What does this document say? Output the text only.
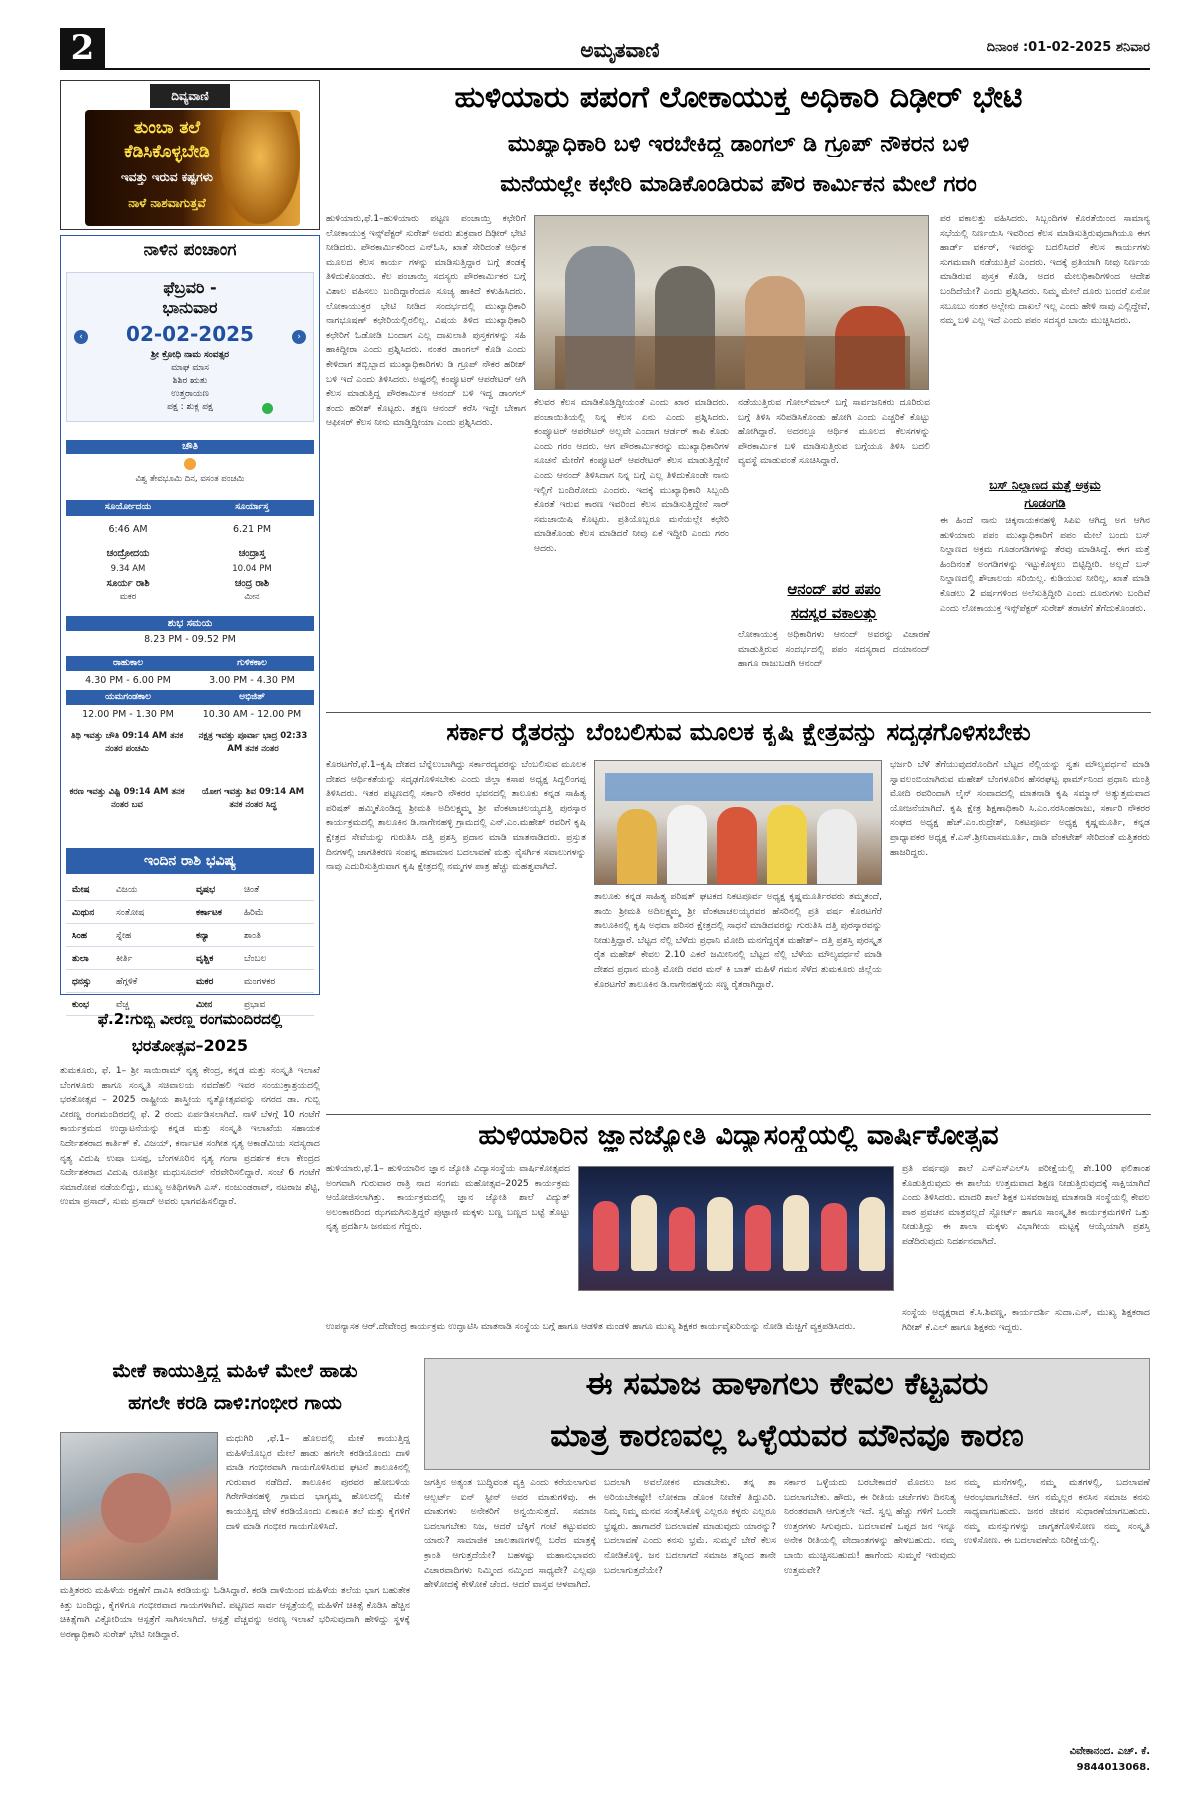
2	ಅಮೃತವಾಣಿ	ದಿನಾಂಕ :01-02-2025 ಶನಿವಾರ
ದಿವ್ಯವಾಣಿ
ತುಂಬಾ ತಲೆ
ಕೆಡಿಸಿಕೊಳ್ಳಬೇಡಿ
ಇವತ್ತು ಇರುವ ಕಷ್ಟಗಳು
ನಾಳೆ ನಾಶವಾಗುತ್ತವೆ
ನಾಳಿನ ಪಂಚಾಂಗ
‹	›
ಫೆಬ್ರವರಿ -
ಭಾನುವಾರ
02-02-2025
ಶ್ರೀ ಕ್ರೋಧಿ ನಾಮ ಸಂವತ್ಸರ
ಮಾಘ ಮಾಸ
ಶಿಶಿರ ಋತು
ಉತ್ತರಾಯಣ
ಪಕ್ಷ : ಶುಕ್ಲ ಪಕ್ಷ
ಚೌತಿ
ವಿಶ್ವ ತೇವಭೂಮಿ ದಿನ, ವಸಂತ ಪಂಚಮಿ
ಸೂರ್ಯೋದಯ	ಸೂರ್ಯಾಸ್ತ
6:46 AM	6.21 PM
ಚಂದ್ರೋದಯ	ಚಂದ್ರಾಸ್ತ
9.34 AM	10.04 PM
ಸೂರ್ಯ ರಾಶಿ	ಚಂದ್ರ ರಾಶಿ
ಮಕರ	ಮೀನ
ಶುಭ ಸಮಯ
8.23 PM - 09.52 PM
ರಾಹುಕಾಲ	ಗುಳಿಕಕಾಲ
4.30 PM - 6.00 PM	3.00 PM - 4.30 PM
ಯಮಗಂಡಕಾಲ	ಅಭಿಜಿತ್
12.00 PM - 1.30 PM	10.30 AM - 12.00 PM
ತಿಥಿ ಇವತ್ತು ಚೌತಿ 09:14 AM ತನಕ ನಂತರ ಪಂಚಮಿ
ನಕ್ಷತ್ರ ಇವತ್ತು ಪೂರ್ವಾ ಭಾದ್ರ 02:33 AM ತನಕ ನಂತರ
ಕರಣ ಇವತ್ತು ವಿಷ್ಟಿ 09:14 AM ತನಕ ನಂತರ ಬವ
ಯೋಗ ಇವತ್ತು ಶಿವ 09:14 AM ತನಕ ನಂತರ ಸಿದ್ಧ
ಇಂದಿನ ರಾಶಿ ಭವಿಷ್ಯ
ಮೇಷ	ವಿಜಯ	ವೃಷಭ	ಚಿಂತೆ
ಮಿಥುನ ಸಂತೋಷ	ಕರ್ಕಾಟಕ ಹಿರಿಮೆ
ಸಿಂಹ	ಸ್ನೇಹ	ಕನ್ಯಾ	ಶಾಂತಿ
ತುಲಾ	ಕೀರ್ತಿ	ವೃಶ್ಚಿಕ	ಬೆಂಬಲ
ಧನಸ್ಸು	ಹೆಗ್ಗಳಿಕೆ	ಮಕರ	ಮಂಗಳಕರ
ಕುಂಭ	ವೆಚ್ಚ	ಮೀನ	ಪ್ರಭಾವ
ಫೆ.2:ಗುಬ್ಬಿ ವೀರಣ್ಣ ರಂಗಮಂದಿರದಲ್ಲಿ
ಭರತೋತ್ಸವ–2025
ತುಮಕೂರು, ಫೆ. 1– ಶ್ರೀ ಸಾಯಿರಾಮ್ ನೃತ್ಯ ಕೇಂದ್ರ, ಕನ್ನಡ ಮತ್ತು ಸಂಸ್ಕೃತಿ ಇಲಾಖೆ ಬೆಂಗಳೂರು ಹಾಗೂ ಸಂಸ್ಕೃತಿ ಸಚಿವಾಲಯ ನವದೆಹಲಿ ಇವರ ಸಂಯುಕ್ತಾಶ್ರಯದಲ್ಲಿ ಭರತೋತ್ಸವ – 2025 ರಾಷ್ಟ್ರೀಯ ಶಾಸ್ತ್ರೀಯ ನೃತ್ಯೋತ್ಸವವನ್ನು ನಗರದ ಡಾ. ಗುಬ್ಬಿ ವೀರಣ್ಣ ರಂಗಮಂದಿರದಲ್ಲಿ ಫೆ. 2 ರಂದು ಏರ್ಪಡಿಸಲಾಗಿದೆ. ನಾಳೆ ಬೆಳಗ್ಗೆ 10 ಗಂಟೆಗೆ ಕಾರ್ಯಕ್ರಮದ ಉದ್ಘಾಟನೆಯನ್ನು ಕನ್ನಡ ಮತ್ತು ಸಂಸ್ಕೃತಿ ಇಲಾಖೆಯ ಸಹಾಯಕ ನಿರ್ದೇಶಕರಾದ ಕಾರ್ತಿಕ್ ಕೆ. ವಿಜಯ್, ಕರ್ನಾಟಕ ಸಂಗೀತ ನೃತ್ಯ ಅಕಾಡೆಮಿಯ ಸದಸ್ಯರಾದ ನೃತ್ಯ ವಿದುಷಿ ಉಷಾ ಬಸಪ್ಪ, ಬೆಂಗಳೂರಿನ ನೃತ್ಯ ಗಂಗಾ ಪ್ರದರ್ಶಕ ಕಲಾ ಕೇಂದ್ರದ ನಿರ್ದೇಶಕರಾದ ವಿದುಷಿ ರೂಪಶ್ರೀ ಮಧುಸೂದನ್ ನೆರವೇರಿಸಲಿದ್ದಾರೆ. ಸಂಜೆ 6 ಗಂಟೆಗೆ ಸಮಾರೋಪ ನಡೆಯಲಿದ್ದು, ಮುಖ್ಯ ಅತಿಥಿಗಳಾಗಿ ಎಸ್. ನಂಜುಂಡರಾವ್, ನಟರಾಜ ಶೆಟ್ಟಿ, ಉಮಾ ಪ್ರಸಾದ್, ಸುಮ ಪ್ರಸಾದ್ ಅವರು ಭಾಗವಹಿಸಲಿದ್ದಾರೆ.
ಹುಳಿಯಾರು ಪಪಂಗೆ ಲೋಕಾಯುಕ್ತ ಅಧಿಕಾರಿ ದಿಢೀರ್ ಭೇಟಿ
ಮುಖ್ಯಾಧಿಕಾರಿ ಬಳಿ ಇರಬೇಕಿದ್ದ ಡಾಂಗಲ್ ಡಿ ಗ್ರೂಪ್ ನೌಕರನ ಬಳಿ
ಮನೆಯಲ್ಲೇ ಕಛೇರಿ ಮಾಡಿಕೊಂಡಿರುವ ಪೌರ ಕಾರ್ಮಿಕನ ಮೇಲೆ ಗರಂ
ಹುಳಿಯಾರು,ಫೆ.1–ಹುಳಿಯಾರು ಪಟ್ಟಣ ಪಂಚಾಯ್ತಿ ಕಛೇರಿಗೆ ಲೋಕಾಯುಕ್ತ ಇನ್ಸ್‌ಪೆಕ್ಟರ್ ಸುರೇಶ್ ಅವರು ಶುಕ್ರವಾರ ದಿಢೀರ್ ಭೇಟಿ ನೀಡಿದರು. ಪೌರಕಾರ್ಮಿಕರಿಂದ ಎನ್‌ಓಸಿ, ಖಾತೆ ಸೇರಿದಂತೆ ಆರ್ಥಿಕ ಮೂಲದ ಕೆಲಸ ಕಾರ್ಯ ಗಳನ್ನು ಮಾಡಿಸುತ್ತಿದ್ದಾರ ಬಗ್ಗೆ ತಂಡಕ್ಕೆ ತಿಳಿದುಕೊಂಡರು. ಕೆಲ ಪಂಚಾಯ್ತಿ ಸದಸ್ಯರು ಪೌರಕಾರ್ಮಿಕರ ಬಗ್ಗೆ ವಿಶಾಲ ವಹಿಸಲು ಬಂದಿದ್ದಾರೆಂದೂ ಸೂಚ್ಯ ಹಾಕಿದೆ ಕಳುಹಿಸಿದರು. ಲೋಕಾಯುಕ್ತರ ಭೇಟಿ ನೀಡಿದ ಸಂದರ್ಭದಲ್ಲಿ ಮುಖ್ಯಾಧಿಕಾರಿ ನಾಗಭೂಷಣ್ ಕಛೇರಿಯಲ್ಲಿರಲಿಲ್ಲ. ವಿಷಯ ತಿಳಿದ ಮುಖ್ಯಾಧಿಕಾರಿ ಕಛೇರಿಗೆ ಓಡೋಡಿ ಬಂದಾಗ ಎಲ್ಲ ದಾಖಲಾತಿ ಪುಸ್ತಕಗಳನ್ನು ಸಹಿ ಹಾಕಿದ್ದೀರಾ ಎಂದು ಪ್ರಶ್ನಿಸಿದರು. ನಂತರ ಡಾಂಗಲ್ ಕೊಡಿ ಎಂದು ಕೇಳಿದಾಗ ತಬ್ಬಿಬ್ಬಾದ ಮುಖ್ಯಾಧಿಕಾರಿಗಳು ಡಿ ಗ್ರೂಪ್ ನೌಕರ ಹರೀಶ್ ಬಳಿ ಇದೆ ಎಂದು ತಿಳಿಸಿದರು. ಅಷ್ಟರಲ್ಲಿ ಕಂಪ್ಯೂಟರ್ ಆಪರೇಟರ್ ಆಗಿ ಕೆಲಸ ಮಾಡುತ್ತಿದ್ದ ಪೌರಕಾರ್ಮಿಕ ಆನಂದ್ ಬಳಿ ಇದ್ದ ಡಾಂಗಲ್ ತಂದು ಹರೀಶ್ ಕೊಟ್ಟರು. ತಕ್ಷಣ ಆನಂದ್ ಕರೆಸಿ ಇದ್ದೇ ಬೇಕಾಗ ಆಫೀಸರ್ ಕೆಲಸ ನೀನು ಮಾಡ್ತಿದ್ದೀಯಾ ಎಂದು ಪ್ರಶ್ನಿಸಿದರು.
ಕೆಲವರ ಕೆಲಸ ಮಾಡಿಕೊಡ್ತಿದ್ದೀಯಂತೆ ಎಂದು ಖಾರ ಮಾಡಿದರು. ಪಂಚಾಯಿತಿಯಲ್ಲಿ ನಿನ್ನ ಕೆಲಸ ಏನು ಎಂದು ಪ್ರಶ್ನಿಸಿದರು. ಕಂಪ್ಯೂಟರ್ ಆಪರೇಟರ್ ಅಲ್ಲವೇ ಎಂದಾಗ ಆರ್ಡರ್ ಕಾಪಿ ಕೊಡು ಎಂದು ಗರಂ ಆದರು. ಆಗ ಪೌರಕಾರ್ಮಿಕರನ್ನು ಮುಖ್ಯಾಧಿಕಾರಿಗಳ ಸೂಚನೆ ಮೇರೆಗೆ ಕಂಪ್ಯೂಟರ್ ಆಪರೇಟರ್ ಕೆಲಸ ಮಾಡುತ್ತಿದ್ದೇನೆ ಎಂದು ಆನಂದ್ ತಿಳಿಸಿದಾಗ ನಿನ್ನ ಬಗ್ಗೆ ಎಲ್ಲ ತಿಳಿದುಕೊಂಡೇ ನಾನು ಇಲ್ಲಿಗೆ ಬಂದಿರೋದು ಎಂದರು. ಇದಕ್ಕೆ ಮುಖ್ಯಾಧಿಕಾರಿ ಸಿಬ್ಬಂದಿ ಕೊರತೆ ಇರುವ ಕಾರಣ ಇವರಿಂದ ಕೆಲಸ ಮಾಡಿಸುತ್ತಿದ್ದೇನೆ ಸಾರ್ ಸಮಜಾಯಿಷಿ ಕೊಟ್ಟರು. ಪ್ರತಿಯೊಬ್ಬರೂ ಮನೆಯಲ್ಲೇ ಕಛೇರಿ ಮಾಡಿಕೊಂಡು ಕೆಲಸ ಮಾಡಿದರೆ ನೀವು ಏಕೆ ಇದ್ದೀರಿ ಎಂದು ಗರಂ ಆದರು.
ನಡೆಯುತ್ತಿರುವ ಗೋಲ್‌ಮಾಲ್ ಬಗ್ಗೆ ಸಾರ್ವಜನಿಕರು ದೂರಿರುವ ಬಗ್ಗೆ ತಿಳಿಸಿ ಸರಿಪಡಿಸಿಕೊಂಡು ಹೋಗಿ ಎಂದು ಎಚ್ಚರಿಕೆ ಕೊಟ್ಟು ಹೋಗಿದ್ದಾರೆ. ಅದರಲ್ಲೂ ಆರ್ಥಿಕ ಮೂಲದ ಕೆಲಸಗಳನ್ನು ಪೌರಕಾರ್ಮಿಕ ಬಳಿ ಮಾಡಿಸುತ್ತಿರುವ ಬಗ್ಗೆಯೂ ತಿಳಿಸಿ ಬದಲಿ ವ್ಯವಸ್ಥೆ ಮಾಡುವಂತೆ ಸೂಚಿಸಿದ್ದಾರೆ.
ಆನಂದ್ ಪರ ಪಪಂ
ಸದಸ್ಯರ ವಕಾಲತ್ತು
ಲೋಕಾಯುಕ್ತ ಅಧಿಕಾರಿಗಳು ಆನಂದ್ ಅವರನ್ನು ವಿಚಾರಣೆ ಮಾಡುತ್ತಿರುವ ಸಂದರ್ಭದಲ್ಲಿ ಪಪಂ ಸದಸ್ಯರಾದ ದಯಾನಂದ್ ಹಾಗೂ ರಾಜುಬಡಗಿ ಆನಂದ್
ಪರ ವಕಾಲತ್ತು ವಹಿಸಿದರು. ಸಿಬ್ಬಂದಿಗಳ ಕೊರತೆಯಿಂದ ಸಾಮಾನ್ಯ ಸಭೆಯಲ್ಲಿ ನಿರ್ಣಯಿಸಿ ಇವರಿಂದ ಕೆಲಸ ಮಾಡಿಸುತ್ತಿರುವುದಾಗಿಯೂ ಈಗ ಹಾರ್ಡ್ ವರ್ಕರ್, ಇವರನ್ನು ಬದಲಿಸಿದರೆ ಕೆಲಸ ಕಾರ್ಯಗಳು ಸುಗಮವಾಗಿ ನಡೆಯುತ್ತಿವೆ ಎಂದರು. ಇದಕ್ಕೆ ಪ್ರತಿಯಾಗಿ ನೀವು ನಿರ್ಣಯ ಮಾಡಿರುವ ಪುಸ್ತಕ ಕೊಡಿ, ಅದರ ಮೇಲಧಿಕಾರಿಗಳಿಂದ ಆದೇಶ ಬಂದಿದೆಯೇ? ಎಂದು ಪ್ರಶ್ನಿಸಿದರು. ನಿಮ್ಮ ಮೇಲೆ ದೂರು ಬಂದರೆ ಏನೋ ಸಬೂಬು ನಂತರ ಅಲ್ಲೇನು ದಾಖಲೆ ಇಲ್ಲ ಎಂದು ಹೇಳಿ ನಾವು ಎಲ್ಲಿದ್ದೇವೆ, ನಮ್ಮ ಬಳಿ ಎಲ್ಲ ಇದೆ ಎಂದು ಪಪಂ ಸದಸ್ಯರ ಬಾಯಿ ಮುಚ್ಚಿಸಿದರು.
ಬಸ್ ನಿಲ್ದಾಣದ ಮತ್ತೆ ಅಕ್ರಮ
ಗೂಡಂಗಡಿ
ಈ ಹಿಂದೆ ನಾನು ಚಿಕ್ಕನಾಯಕನಹಳ್ಳಿ ಸಿಪಿಐ ಆಗಿದ್ದ ಅಗ ಆಗಿನ ಹುಳಿಯಾರು ಪಪಂ ಮುಖ್ಯಾಧಿಕಾರಿಗೆ ಪಪಂ ಮೇಲೆ ಬಂದು ಬಸ್ ನಿಲ್ದಾಣದ ಅಕ್ರಮ ಗೂಡಂಗಡಿಗಳನ್ನು ತೆರವು ಮಾಡಿಸಿದ್ದೆ. ಈಗ ಮತ್ತೆ ಹಿಂದಿನಂತೆ ಅಂಗಡಿಗಳನ್ನು ಇಟ್ಟುಕೊಳ್ಳಲು ಬಿಟ್ಟಿದ್ದೀರಿ. ಅಲ್ಲದೆ ಬಸ್ ನಿಲ್ದಾಣದಲ್ಲಿ ಶೌಚಾಲಯ ಸರಿಯಿಲ್ಲ. ಕುಡಿಯುವ ನೀರಿಲ್ಲ, ಖಾತೆ ಮಾಡಿ ಕೊಡಲು 2 ವರ್ಷಗಳಿಂದ ಅಲೆಸುತ್ತಿದ್ದೀರಿ ಎಂದು ದೂರುಗಳು ಬಂದಿವೆ ಎಂದು ಲೋಕಾಯುಕ್ತ ಇನ್ಸ್‌ಪೆಕ್ಟರ್ ಸುರೇಶ್ ತರಾಟೆಗೆ ತೆಗೆದುಕೊಂಡರು.
ಸರ್ಕಾರ ರೈತರನ್ನು ಬೆಂಬಲಿಸುವ ಮೂಲಕ ಕೃಷಿ ಕ್ಷೇತ್ರವನ್ನು ಸದೃಢಗೊಳಿಸಬೇಕು
ಕೊರಟಗೆರೆ,ಫೆ.1–ಕೃಷಿ ದೇಶದ ಬೆನ್ನೆಲುಬಾಗಿದ್ದು ಸರ್ಕಾರದ್ಯವರನ್ನು ಬೆಂಬಲಿಸುವ ಮೂಲಕ ದೇಶದ ಆರ್ಥಿಕತೆಯನ್ನು ಸದೃಢಗೊಳಿಸಬೇಕು ಎಂದು ಜಿಲ್ಲಾ ಕಸಾಪ ಅಧ್ಯಕ್ಷ ಸಿದ್ದಲಿಂಗಪ್ಪ ತಿಳಿಸಿದರು. ಇತರ ಪಟ್ಟಣದಲ್ಲಿ ಸರ್ಕಾರಿ ನೌಕರರ ಭವನದಲ್ಲಿ ತಾಲೂಕು ಕನ್ನಡ ಸಾಹಿತ್ಯ ಪರಿಷತ್ ಹಮ್ಮಿಕೊಂಡಿದ್ದ ಶ್ರೀಮತಿ ಅದಿಲಕ್ಷ್ಮಮ್ಮ ಶ್ರೀ ವೆಂಕಟಾಚಲಯ್ಯದತ್ತಿ ಪುರಸ್ಕಾರ ಕಾರ್ಯಕ್ರಮದಲ್ಲಿ ತಾಲೂಕಿನ ಡಿ.ನಾಗೇನಹಳ್ಳಿ ಗ್ರಾಮದಲ್ಲಿ ಎನ್.ಎಂ.ಮಹೇಶ್ ರವರಿಗೆ ಕೃಷಿ ಕ್ಷೇತ್ರದ ಸೇವೆಯನ್ನು ಗುರುತಿಸಿ ದತ್ತಿ ಪ್ರಶಸ್ತಿ ಪ್ರದಾನ ಮಾಡಿ ಮಾತನಾಡಿದರು. ಪ್ರಸ್ತುತ ದಿನಗಳಲ್ಲಿ ಜಾಗತಿಕರಣ ಸಂಪನ್ನ ಹವಾಮಾನ ಬದಲಾವಣೆ ಮತ್ತು ನೈಸರ್ಗಿಕ ಸವಾಲುಗಳನ್ನು ನಾವು ಎದುರಿಸುತ್ತಿರುವಾಗ ಕೃಷಿ ಕ್ಷೇತ್ರದಲ್ಲಿ ನಮ್ಮಗಳ ಪಾತ್ರ ಹೆಚ್ಚು ಮಹತ್ವವಾಗಿದೆ.
ತಾಲೂಕು ಕನ್ನಡ ಸಾಹಿತ್ಯ ಪರಿಷತ್ ಘಟಕದ ನಿಕಟಪೂರ್ವ ಅಧ್ಯಕ್ಷ ಕೃಷ್ಣಮೂರ್ತಿರವರು ತಮ್ಮತಂದೆ, ತಾಯಿ ಶ್ರೀಮತಿ ಅದಿಲಕ್ಷ್ಮಮ್ಮ ಶ್ರೀ ವೆಂಕಟಾಚಲಯ್ಯರವರ ಹೆಸರಿನಲ್ಲಿ ಪ್ರತಿ ವರ್ಷ ಕೊರಟಗೆರೆ ತಾಲೂಕಿನಲ್ಲಿ ಕೃಷಿ ಅಥವಾ ಪರಿಸರ ಕ್ಷೇತ್ರದಲ್ಲಿ ಸಾಧನೆ ಮಾಡಿದವರನ್ನು ಗುರುತಿಸಿ ದತ್ತಿ ಪುರಸ್ಕಾರವನ್ನು ನೀಡುತ್ತಿದ್ದಾರೆ. ಬೆಟ್ಟದ ನೆಲ್ಲಿ ಬೆಳೆದು ಪ್ರಧಾನಿ ಮೋದಿ ಮನಗೆದ್ದರೈತ ಮಹೇಶ್– ದತ್ತಿ ಪ್ರಶಸ್ತಿ ಪುರಸ್ಕೃತ ರೈತ ಮಹೇಶ್ ಕೇವಲ 2.10 ಎಕರೆ ಜಮೀನಿನಲ್ಲಿ ಬೆಟ್ಟದ ನೆಲ್ಲಿ ಬೆಳೆಯ ಮೌಲ್ಯವರ್ಧನೆ ಮಾಡಿ ದೇಶದ ಪ್ರಧಾನ ಮಂತ್ರಿ ಮೋದಿ ರವರ ಮನ್ ಕಿ ಬಾತ್ ಮಹಿಳೆ ಗಮನ ಸೆಳೆದ ತುಮಕೂರು ಜಿಲ್ಲೆಯ ಕೊರಟಗೆರೆ ತಾಲೂಕಿನ ಡಿ.ನಾಗೇನಹಳ್ಳಿಯ ಸಣ್ಣ ರೈತರಾಗಿದ್ದಾರೆ.
ಭರ್ಜರಿ ಬೆಳೆ ತೆಗೆಯುವುದರೊಂದಿಗೆ ಬೆಟ್ಟದ ನೆಲ್ಲಿಯನ್ನು ಸ್ವತಃ ಮೌಲ್ಯವರ್ಧನೆ ಮಾಡಿ ಸ್ವಾವಲಂಬಿಯಾಗಿರುವ ಮಹೇಶ್ ಬೆಂಗಳೂರಿನ ಹೆಸರಘಟ್ಟ ಫಾರ್ಮ್‌ನಿಂದ ಪ್ರಧಾನಿ ಮಂತ್ರಿ ಮೋದಿ ರವರಿಂದಾಗಿ ಲೈನ್ ಸಂವಾದದಲ್ಲಿ ಮಾತನಾಡಿ ಕೃಷಿ ಸಮ್ಮಾನ್ ಅತ್ಯುತ್ತಮವಾದ ಯೋಜನೆಯಾಗಿದೆ. ಕೃಷಿ ಕ್ಷೇತ್ರ ಶಿಕ್ಷಣಾಧಿಕಾರಿ ಸಿ.ಎಂ.ನರಸಿಂಹರಾಜು, ಸರ್ಕಾರಿ ನೌಕರರ ಸಂಘದ ಅಧ್ಯಕ್ಷ ಹೆಚ್.ಎಂ.ರುದ್ರೇಶ್, ನಿಕಟಪೂರ್ವ ಅಧ್ಯಕ್ಷ ಕೃಷ್ಣಮೂರ್ತಿ, ಕನ್ನಡ ಪ್ರಾಧ್ಯಾಪಕರ ಅಧ್ಯಕ್ಷ ಕೆ.ಎಸ್.ಶ್ರೀನಿವಾಸಮೂರ್ತಿ, ದಾಡಿ ವೆಂಕಟೇಶ್ ಸೇರಿದಂತೆ ಮತ್ತಿತರರು ಹಾಜರಿದ್ದರು.
ಹುಳಿಯಾರಿನ ಜ್ಞಾನಜ್ಯೋತಿ ವಿದ್ಯಾಸಂಸ್ಥೆಯಲ್ಲಿ ವಾರ್ಷಿಕೋತ್ಸವ
ಹುಳಿಯಾರು,ಫೆ.1– ಹುಳಿಯಾರಿನ ಜ್ಞಾನ ಜ್ಯೋತಿ ವಿದ್ಯಾಸಂಸ್ಥೆಯ ವಾರ್ಷಿಕೋತ್ಸವದ ಅಂಗವಾಗಿ ಗುರುವಾರ ರಾತ್ರಿ ನಾದ ಸಂಗಮ ಮಹೋತ್ಸವ–2025 ಕಾರ್ಯಕ್ರಮ ಆಯೋಜಿಸಲಾಗಿತ್ತು. ಕಾರ್ಯಕ್ರಮದಲ್ಲಿ ಜ್ಞಾನ ಜ್ಯೋತಿ ಶಾಲೆ ವಿದ್ಯುತ್ ಅಲಂಕಾರದಿಂದ ಝಗಮಗಿಸುತ್ತಿದ್ದರೆ ಪುಟ್ಟಾಣಿ ಮಕ್ಕಳು ಬಣ್ಣ ಬಣ್ಣದ ಬಟ್ಟೆ ತೊಟ್ಟು ನೃತ್ಯ ಪ್ರದರ್ಶಿಸಿ ಜನಮನ ಗೆದ್ದರು.
ಉಪನ್ಯಾಸಕ ಆರ್.ದೇವೇಂದ್ರ ಕಾರ್ಯಕ್ರಮ ಉದ್ಘಾಟಿಸಿ ಮಾತನಾಡಿ ಸಂಸ್ಥೆಯ ಬಗ್ಗೆ ಹಾಗೂ ಆಡಳಿತ ಮಂಡಳಿ ಹಾಗೂ ಮುಖ್ಯ ಶಿಕ್ಷಕರ ಕಾರ್ಯವೈಖರಿಯನ್ನು ನೋಡಿ ಮೆಚ್ಚಿಗೆ ವ್ಯಕ್ತಪಡಿಸಿದರು.
ಪ್ರತಿ ವರ್ಷವೂ ಶಾಲೆ ಎಸ್‌ಎಸ್‌ಎಲ್‌ಸಿ ಪರೀಕ್ಷೆಯಲ್ಲಿ ಶೇ.100 ಫಲಿತಾಂಶ ಕೊಡುತ್ತಿರುವುದು ಈ ಶಾಲೆಯ ಉತ್ತಮವಾದ ಶಿಕ್ಷಣ ನೀಡುತ್ತಿರುವುದಕ್ಕೆ ಸಾಕ್ಷಿಯಾಗಿದೆ ಎಂದು ತಿಳಿಸಿದರು. ಮಾದರಿ ಶಾಲೆ ಶಿಕ್ಷಕ ಬಸವರಾಜಪ್ಪ ಮಾತನಾಡಿ ಸಂಸ್ಥೆಯಲ್ಲಿ ಕೇವಲ ಪಾಠ ಪ್ರವಚನ ಮಾತ್ರವಲ್ಲದೆ ಸ್ಪೋರ್ಟ್ ಹಾಗೂ ಸಾಂಸ್ಕೃತಿಕ ಕಾರ್ಯಕ್ರಮಗಳಿಗೆ ಒತ್ತು ನೀಡುತ್ತಿದ್ದು ಈ ಶಾಲಾ ಮಕ್ಕಳು ವಿಭಾಗೀಯ ಮಟ್ಟಕ್ಕೆ ಆಯ್ಕೆಯಾಗಿ ಪ್ರಶಸ್ತಿ ಪಡೆದಿರುವುದು ನಿದರ್ಶನವಾಗಿದೆ.
ಸಂಸ್ಥೆಯ ಅಧ್ಯಕ್ಷರಾದ ಕೆ.ಸಿ.ಶಿವಣ್ಣ, ಕಾರ್ಯದರ್ಶಿ ಸುದಾ.ಎಸ್, ಮುಖ್ಯ ಶಿಕ್ಷಕರಾದ ಗಿರೀಶ್ ಕೆ.ಎಲ್ ಹಾಗೂ ಶಿಕ್ಷಕರು ಇದ್ದರು.
ಮೇಕೆ ಕಾಯುತ್ತಿದ್ದ ಮಹಿಳೆ ಮೇಲೆ ಹಾಡು
ಹಗಲೇ ಕರಡಿ ದಾಳಿ:ಗಂಭೀರ ಗಾಯ
ಮಧುಗಿರಿ ,ಫೆ.1– ಹೊಲದಲ್ಲಿ ಮೇಕೆ ಕಾಯುತ್ತಿದ್ದ ಮಹಿಳೆಯೊಬ್ಬರ ಮೇಲೆ ಹಾಡು ಹಗಲೇ ಕರಡಿಯೊಂದು ದಾಳಿ ಮಾಡಿ ಗಂಭೀರವಾಗಿ ಗಾಯಗೊಳಿಸಿರುವ ಘಟನೆ ತಾಲೂಕಿನಲ್ಲಿ ಗುರುವಾರ ನಡೆದಿದೆ. ತಾಲೂಕಿನ ಪುರವರ ಹೋಬಳಿಯ ಗಿರೇಗೌಡನಹಳ್ಳಿ ಗ್ರಾಮದ ಭಾಗ್ಯಮ್ಮ ಹೊಲದಲ್ಲಿ ಮೇಕೆ ಕಾಯುತ್ತಿದ್ದ ವೇಳೆ ಕರಡಿಯೊಂದು ಏಕಾಏಕಿ ತಲೆ ಮತ್ತು ಕೈಗಳಿಗೆ ದಾಳಿ ಮಾಡಿ ಗಂಭೀರ ಗಾಯಗೊಳಿಸಿದೆ.
ಮತ್ತಿತರರು ಮಹಿಳೆಯ ರಕ್ಷಣೆಗೆ ದಾವಿಸಿ ಕರಡಿಯನ್ನು ಓಡಿಸಿದ್ದಾರೆ. ಕರಡಿ ದಾಳಿಯಿಂದ ಮಹಿಳೆಯ ತಲೆಯ ಭಾಗ ಬಹುತೇಕ ಕಿತ್ತು ಬಂದಿದ್ದು, ಕೈಗಳಿಗೂ ಗಂಭೀರವಾದ ಗಾಯಗಳಾಗಿವೆ. ಪಟ್ಟಣದ ಸಾರ್ವ ಆಸ್ಪತ್ರೆಯಲ್ಲಿ ಮಹಿಳೆಗೆ ಚಿಕಿತ್ಸೆ ಕೊಡಿಸಿ ಹೆಚ್ಚಿನ ಚಿಕಿತ್ಸೆಗಾಗಿ ವಿಕ್ಟೋರಿಯಾ ಆಸ್ಪತ್ರೆಗೆ ಸಾಗಿಸಲಾಗಿದೆ. ಆಸ್ಪತ್ರೆ ವೆಚ್ಚವನ್ನು ಅರಣ್ಯ ಇಲಾಖೆ ಭರಿಸುವುದಾಗಿ ಹೇಳಿದ್ದು ಸ್ಥಳಕ್ಕೆ ಅರಣ್ಯಾಧಿಕಾರಿ ಸುರೇಶ್ ಭೇಟಿ ನೀಡಿದ್ದಾರೆ.
ಈ ಸಮಾಜ ಹಾಳಾಗಲು ಕೇವಲ ಕೆಟ್ಟವರು
ಮಾತ್ರ ಕಾರಣವಲ್ಲ ಒಳ್ಳೆಯವರ ಮೌನವೂ ಕಾರಣ
ಜಗತ್ತಿನ ಅತ್ಯಂತ ಬುದ್ಧಿವಂತ ವ್ಯಕ್ತಿ ಎಂದು ಕರೆಯಲಾಗುವ ಆಲ್ಬರ್ಟ್ ಐನ್ ಸ್ಟೀನ್ ಅವರ ಮಾತುಗಳಿವು. ಈ ಮಾತುಗಳು ಅನೇಕರಿಗೆ ಅನ್ವಯಿಸುತ್ತದೆ. ಸಮಾಜ ಬದಲಾಗಬೇಕು ನಿಜ, ಆದರೆ ಬೆಕ್ಕಿಗೆ ಗಂಟೆ ಕಟ್ಟುವವರು ಯಾರು? ಸಾಮಾಜಿಕ ಜಾಲತಾಣಗಳಲ್ಲಿ ಬರೆದ ಮಾತ್ರಕ್ಕೆ ಕ್ರಾಂತಿ ಆಗುತ್ತದೆಯೇ? ಬಹಳಷ್ಟು ಮಹಾನುಭಾವರು ವಿಚಾರವಾದಿಗಳು ನಿಮ್ಮಿಂದ ನಮ್ಮಿಂದ ಸಾಧ್ಯವೇ? ಎಲ್ಲವೂ ಹೇಳೋದಕ್ಕೆ ಕೇಳೋಕೆ ಚೆಂದ. ಆದರೆ ವಾಸ್ತವ ಆಳವಾಗಿದೆ.
ಬದಲಾಗಿ ಅವಲೋಕನ ಮಾಡಬೇಕು. ತನ್ನ ತಾ ಅರಿಯಬೇಕಷ್ಟೇ! ಲೋಕದಾ ಡೊಂಕ ನೀವೇಕೆ ತಿದ್ದುವಿರಿ. ನಿಮ್ಮ ನಿಮ್ಮ ಮನವ ಸಂತೈಸಿಕೊಳ್ಳಿ ಎಲ್ಲರೂ ಕಳ್ಳರು ಎಲ್ಲರೂ ಭ್ರಷ್ಟರು. ಹಾಗಾದರೆ ಬದಲಾವಣೆ ಮಾಡುವುದು ಯಾರನ್ನು? ಬದಲಾವಣೆ ಎಂದು ಕನಸು ಭ್ರಮೆ. ಸುಮ್ಮನೆ ಬೇರೆ ಕೆಲಸ ನೋಡಿಕೊಳ್ಳಿ. ಜನ ಬದಲಾಗದೆ ಸಮಾಜ ತನ್ನಿಂದ ತಾನೇ ಬದಲಾಗುತ್ತದೆಯೇ?
ಸರ್ಕಾರ ಒಳ್ಳೆಯದು ಬರಬೇಕಾದರೆ ಮೊದಲು ಜನ ಬದಲಾಗಬೇಕು. ಹೌದು, ಈ ರೀತಿಯ ಚರ್ಚೆಗಳು ದಿನನಿತ್ಯ ನಿರಂತರವಾಗಿ ಆಗುತ್ತಲೇ ಇದೆ. ಸ್ವಲ್ಪ ಹೆಚ್ಚು ಗಳಿಗೆ ಒಂದೇ ಉತ್ತರಗಳು ಸಿಗುವುದು. ಬದಲಾವಣೆ ಒಪ್ಪದ ಜನ ಇನ್ನೂ ಅನೇಕ ರೀತಿಯಲ್ಲಿ ವೇದಾಂತಗಳನ್ನು ಹೇಳಬಹುದು. ನಮ್ಮ ಬಾಯಿ ಮುಚ್ಚಿಸಬಹುದು! ಹಾಗೆಂದು ಸುಮ್ಮನೆ ಇರುವುದು ಉತ್ತಮವೇ?
ನಮ್ಮ ಮನೆಗಳಲ್ಲಿ, ನಮ್ಮ ಮತಗಳಲ್ಲಿ, ಬದಲಾವಣೆ ಆರಂಭವಾಗಬೇಕಿದೆ. ಆಗ ನಮ್ಮೆಲ್ಲರ ಕನಸಿನ ಸಮಾಜ ಕನಸು ಸಾಧ್ಯವಾಗಬಹುದು. ಜನರ ಜೀವನ ಸುಧಾರಣೆಯಾಗಬಹುದು. ನಮ್ಮ ಮನಸ್ಸುಗಳನ್ನು ಜಾಗೃತಗೊಳಿಸೋಣ ನಮ್ಮ ಸಂಸ್ಕೃತಿ ಉಳಿಸೋಣ. ಈ ಬದಲಾವಣೆಯ ನಿರೀಕ್ಷೆಯಲ್ಲಿ.
ವಿವೇಕಾನಂದ. ಎಚ್. ಕೆ.
9844013068.
